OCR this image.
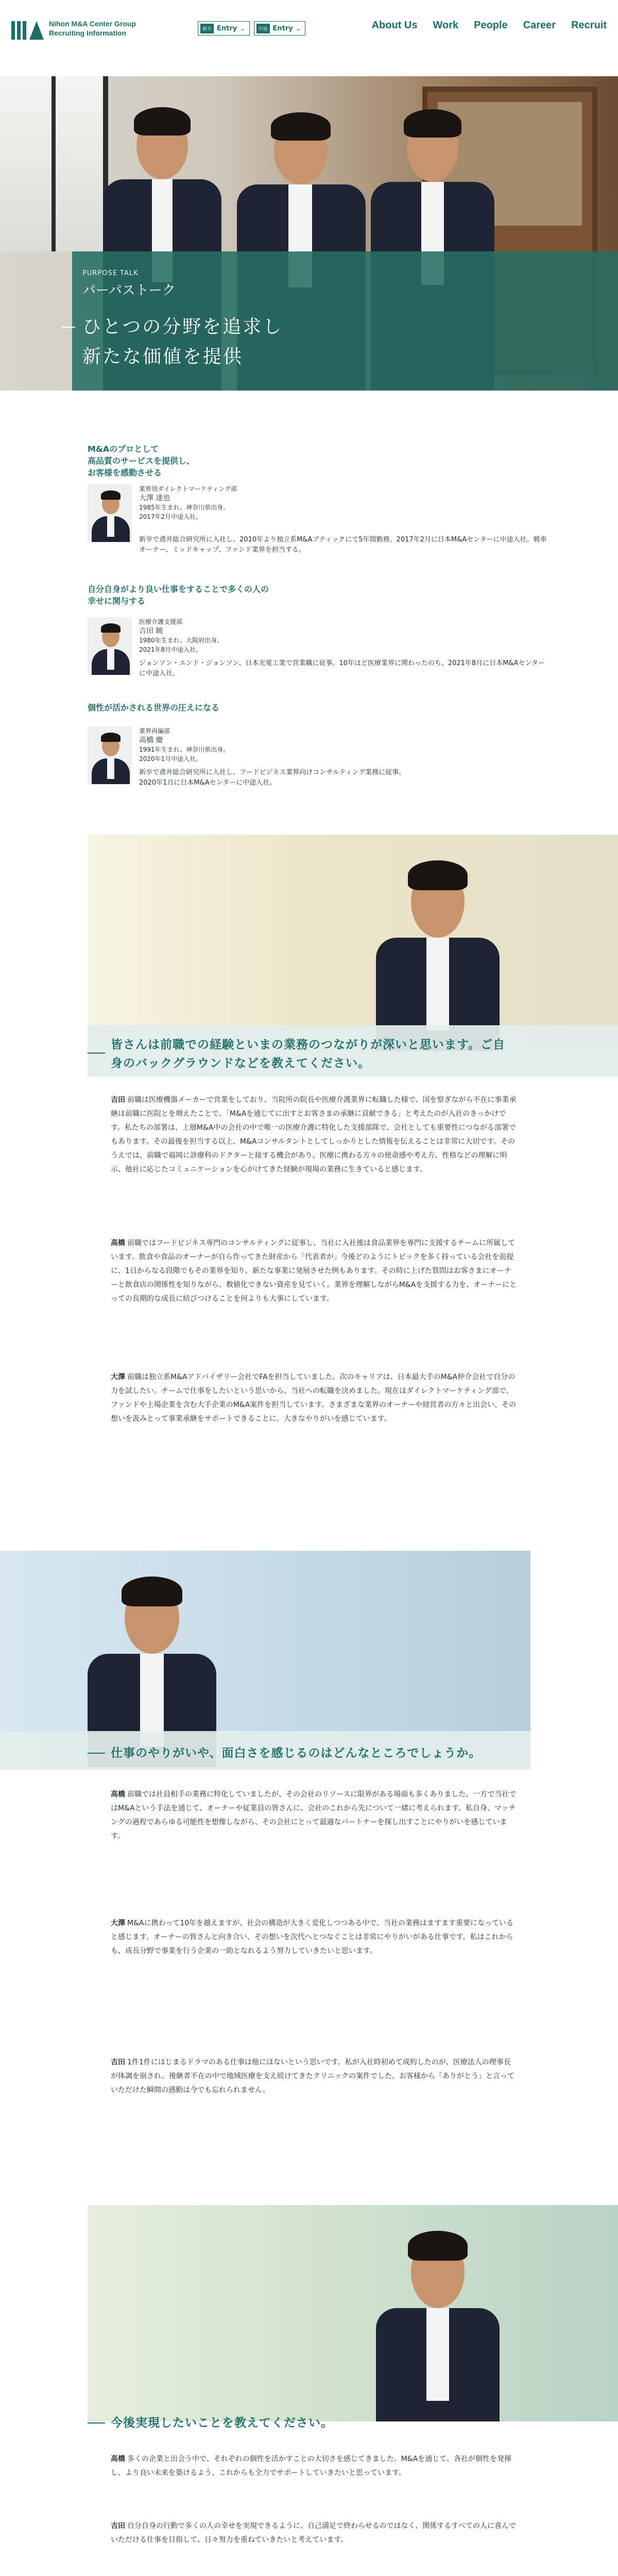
Nihon M&A Center Group
Recruiting Information	新卒 Entry ⌄	中途 Entry ⌄	About Us Work People Career Recruit
PURPOSE TALK
パーパストーク
ひとつの分野を追求し
新たな価値を提供
M&Aのプロとして
高品質のサービスを提供し、
お客様を感動させる
業界別ダイレクトマーケティング部
大澤 達也
1985年生まれ、神奈川県出身。
2017年2月中途入社。
新卒で鳶井総合研究所に入社し、2010年より独立系M&Aブティックにて5年間勤務。2017年2月に日本M&Aセンターに中途入社。戦車オーナー、ミッドキャップ、ファンド業界を担当する。
自分自身がより良い仕事をすることで多くの人の
幸せに関与する
医療介護支援部
吉田 暁
1980年生まれ、大阪府出身。
2021年8月中途入社。
ジョンソン・エンド・ジョンソン、日本光電工業で営業職に従事。10年ほど医療業界に関わったのち、2021年8月に日本M&Aセンターに中途入社。
個性が活かされる世界の圧えになる
業界再編部
高橋 慶
1991年生まれ、神奈川県出身。
2020年1月中途入社。
新卒で鳶井総合研究所に入社し、フードビジネス業界向けコンサルティング業務に従事。
2020年1月に日本M&Aセンターに中途入社。
皆さんは前職での経験といまの業務のつながりが深いと思います。ご自
身のバックグラウンドなどを教えてください。
吉田 前職は医療機器メーカーで営業をしており、当院所の院長や医療介護業界に転職した様で、国を察ぎながら不在に事業承継は前職に医院とを増えたことで、「M&Aを通じてに出すとお客さまの承継に貢献できる」と考えたのが入社のきっかけです。私たちの部署は、上層M&A中の会社の中で唯一の医療介護に特化した支援部隊で、会社としても重要性につながる部署でもあります。その最後を担当する以上、M&Aコンサルタントとしてしっかりとした情報を伝えることは非常に大切です。そのうえでは、前職で福岡に診療科のドクターと接する機会があり、医療に携わる方々の使命感や考え方、性格などの理解に明示、他社に応じたコミュニケーションを心がけてきた経験が現場の業務に生きていると感じます。
高橋 前職ではフードビジネス専門のコンサルティングに従事し、当社に入社後は食品業界を専門に支援するチームに所属しています。飲食や食品のオーナーが自ら作ってきた財産から「代表者が」今後どのようにトピックを多く持っている会社を前提に、1日からなる段階でもその業界を知り、新たな事業に発展させた例もあります。その時に上げた質問はお客さまにオーナーと飲食店の関係性を知りながら、数値化できない資産を見ていく。業界を理解しながらM&Aを支援する力を、オーナーにとっての長期的な成長に結びつけることを何よりも大事にしています。
大澤 前職は独立系M&Aアドバイザリー会社でFAを担当していました。次のキャリアは、日本最大手のM&A仲介会社で自分の力を試したい。チームで仕事をしたいという思いから、当社への転職を決めました。現在はダイレクトマーケティング部で、ファンドや上場企業を含む大手企業のM&A案件を担当しています。さまざまな業界のオーナーや経営者の方々と出会い、その想いを汲みとって事業承継をサポートできることに、大きなやりがいを感じています。
仕事のやりがいや、面白さを感じるのはどんなところでしょうか。
高橋 前職では社員相手の業務に特化していましたが、その会社のリソースに限界がある場面も多くありました。一方で当社ではM&Aという手法を通じて、オーナーや従業員の皆さんに、会社のこれから先について一緒に考えられます。私自身、マッチングの過程であらゆる可能性を想像しながら、その会社にとって最適なパートナーを探し出すことにやりがいを感じています。
大澤 M&Aに携わって10年を越えますが、社会の構造が大きく変化しつつある中で、当社の業務はますます重要になっていると感じます。オーナーの皆さんと向き合い、その想いを次代へとつなぐことは非常にやりがいがある仕事です。私はこれからも、成長分野で事業を行う企業の一助となれるよう努力していきたいと思います。
吉田 1件1件にはじまるドラマのある仕事は他にはないという思いです。私が入社時初めて成約したのが、医療法人の理事長が体調を崩され、後継者不在の中で地域医療を支え続けてきたクリニックの案件でした。お客様から「ありがとう」と言っていただけた瞬間の感動は今でも忘れられません。
今後実現したいことを教えてください。
高橋 多くの企業と出会う中で、それぞれの個性を活かすことの大切さを感じてきました。M&Aを通じて、各社が個性を発揮し、より良い未来を築けるよう、これからも全力でサポートしていきたいと思っています。
吉田 自分自身の行動で多くの人の幸せを実現できるように、自己満足で終わらせるのではなく、関係するすべての人に喜んでいただける仕事を目指して、日々努力を重ねていきたいと考えています。
